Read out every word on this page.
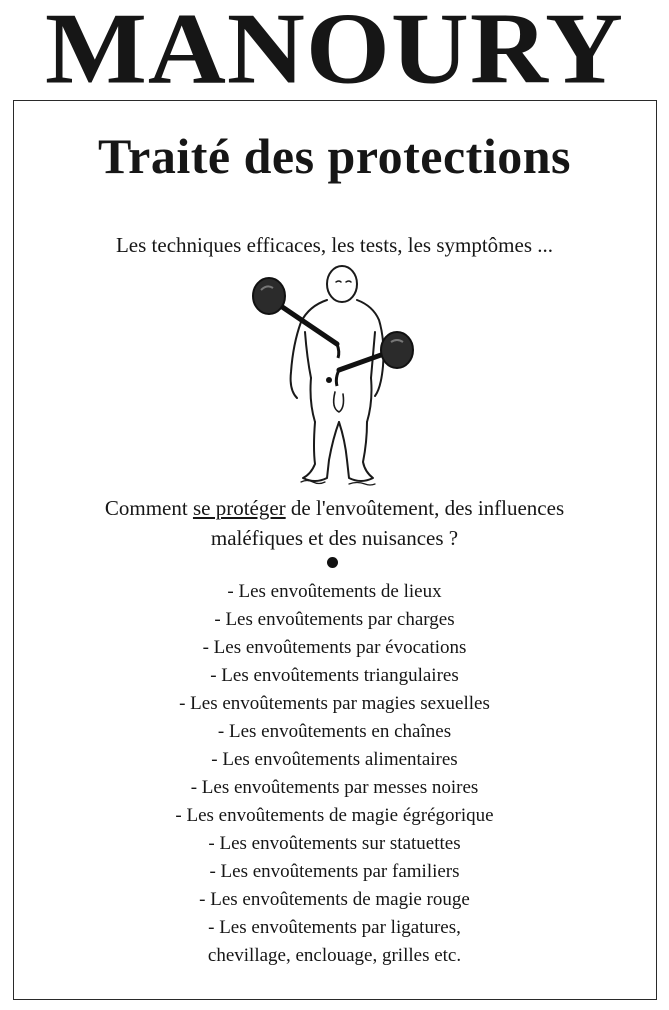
MANOURY
Traité des protections
Les techniques efficaces, les tests, les symptômes ...
Comment se protéger de l'envoûtement, des influences
maléfiques et des nuisances ?
- Les envoûtements de lieux
- Les envoûtements par charges
- Les envoûtements par évocations
- Les envoûtements triangulaires
- Les envoûtements par magies sexuelles
- Les envoûtements en chaînes
- Les envoûtements alimentaires
- Les envoûtements par messes noires
- Les envoûtements de magie égrégorique
- Les envoûtements sur statuettes
- Les envoûtements par familiers
- Les envoûtements de magie rouge
- Les envoûtements par ligatures,
chevillage, enclouage, grilles etc.
